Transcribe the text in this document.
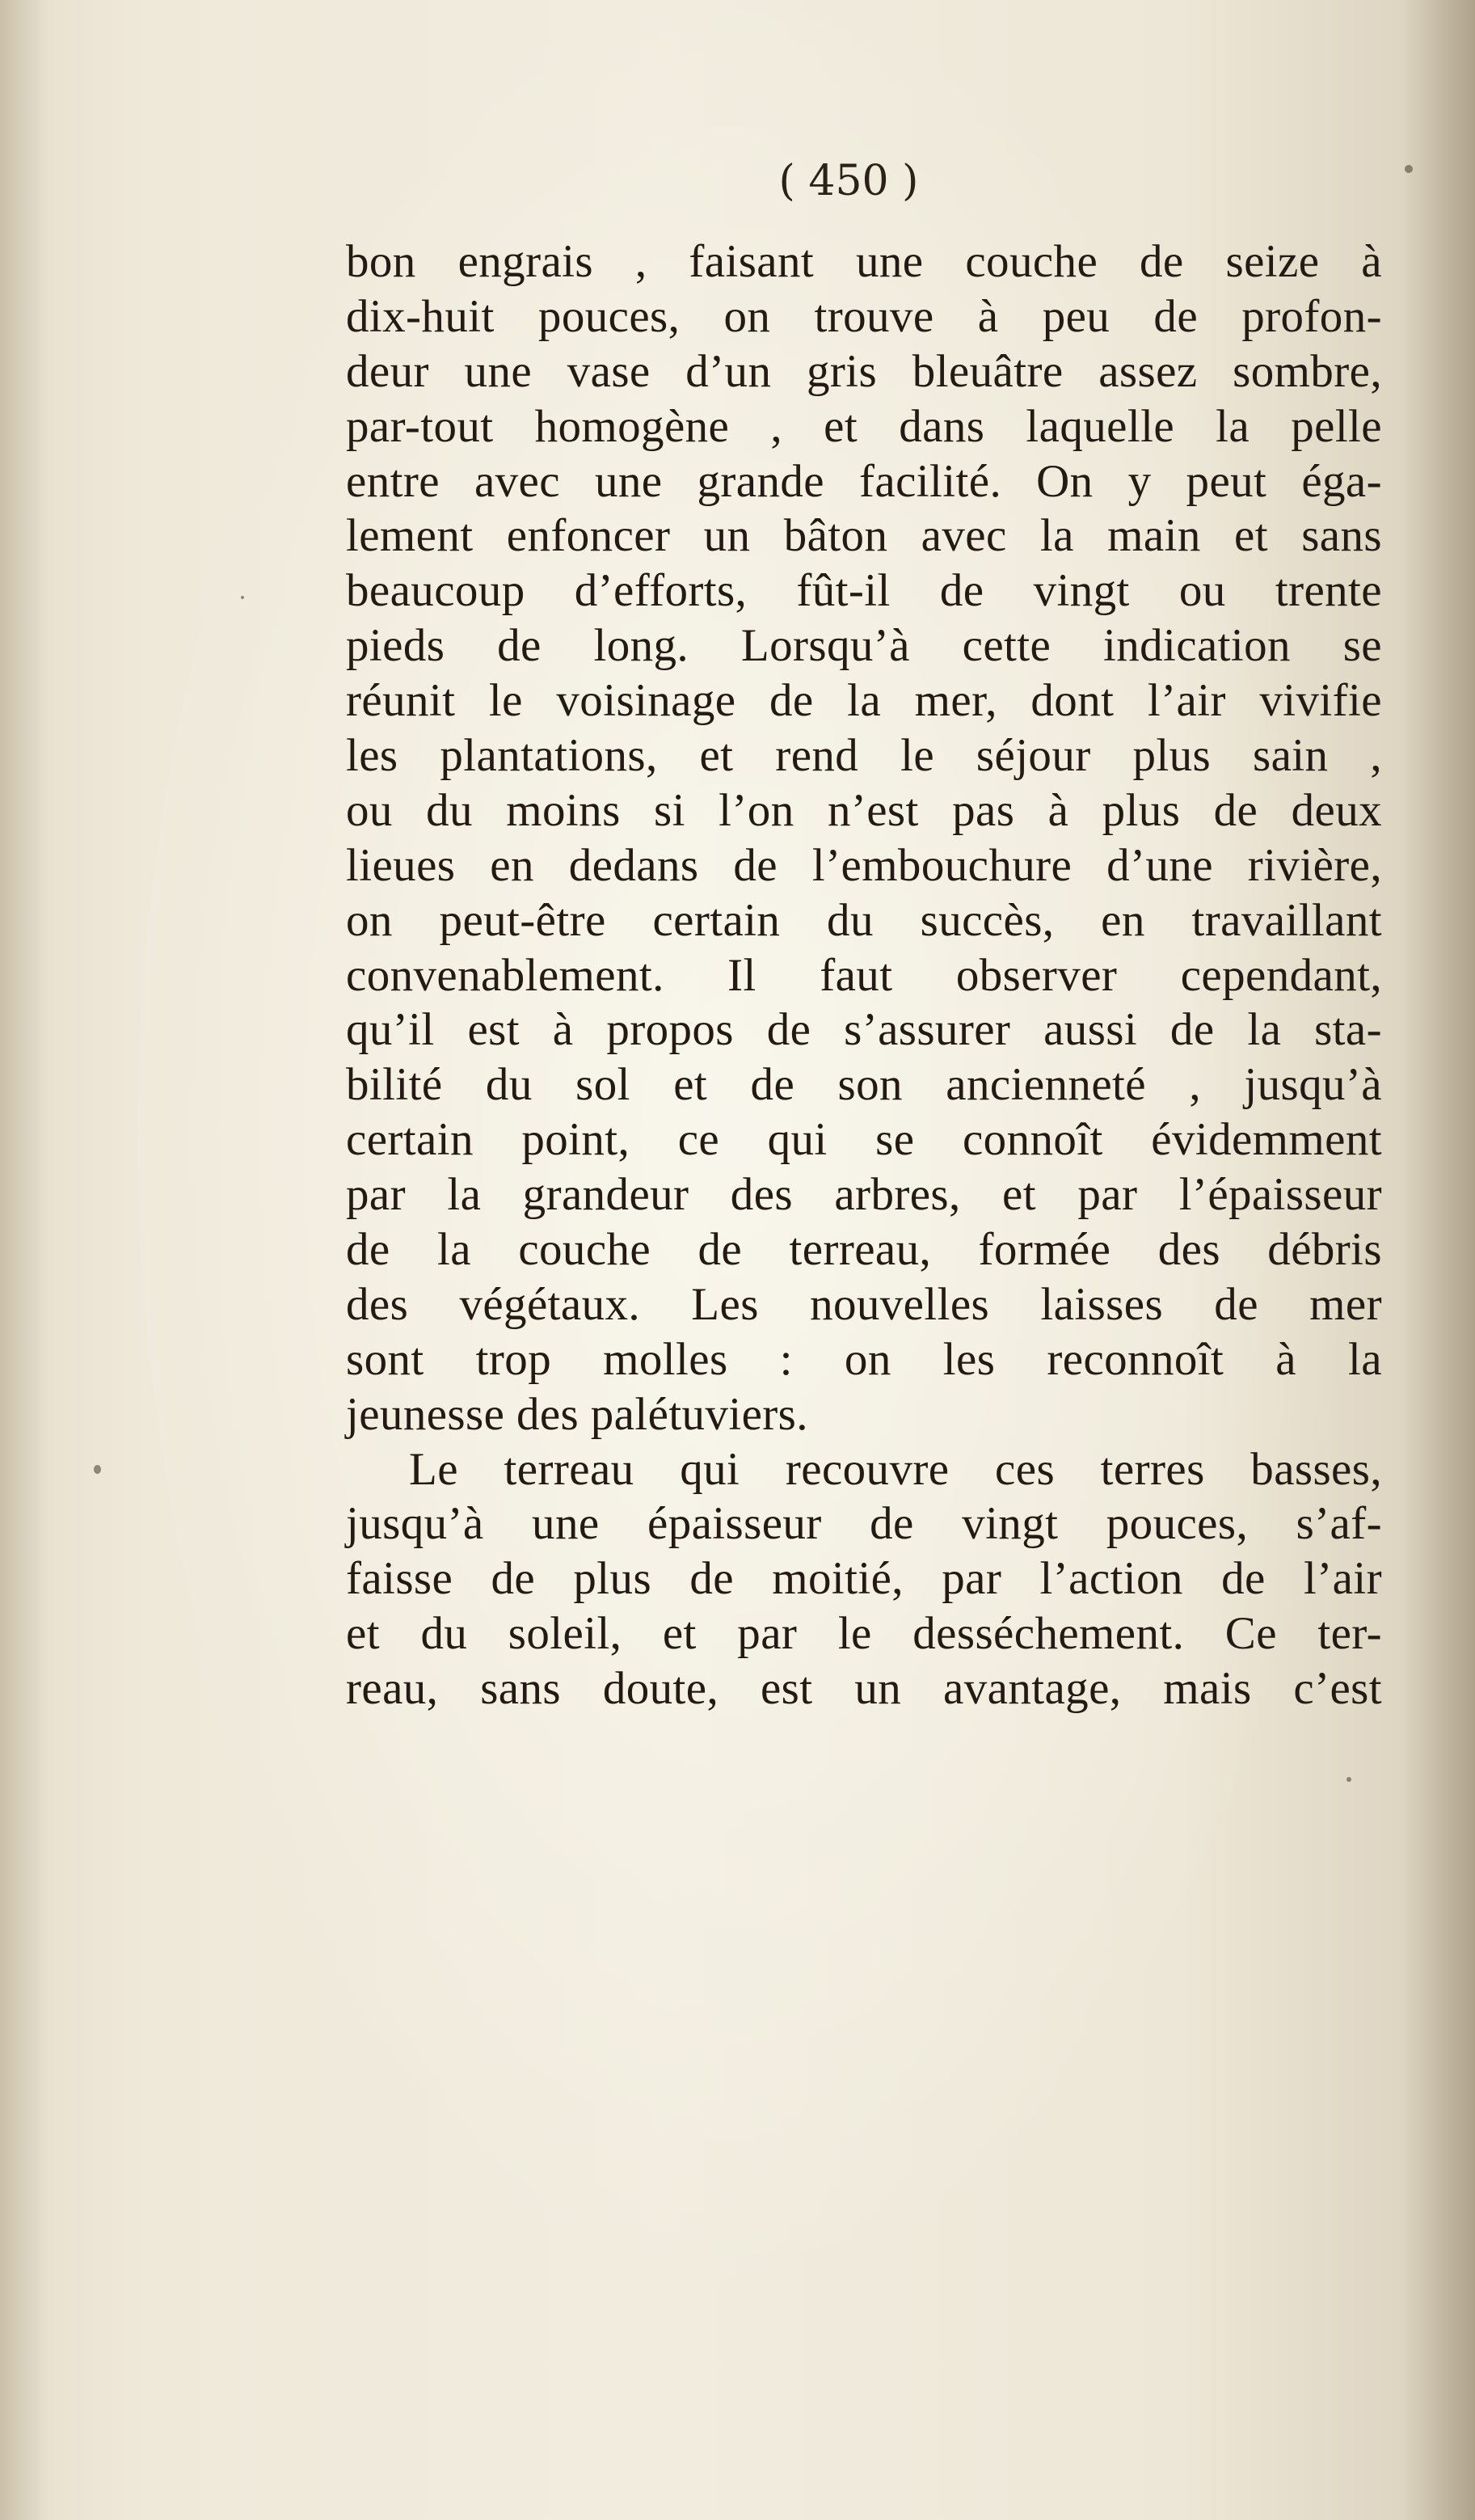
( 450 )
bon engrais , faisant une couche de seize à
dix-huit pouces, on trouve à peu de profon-
deur une vase d’un gris bleuâtre assez sombre,
par-tout homogène , et dans laquelle la pelle
entre avec une grande facilité. On y peut éga-
lement enfoncer un bâton avec la main et sans
beaucoup d’efforts, fût-il de vingt ou trente
pieds de long. Lorsqu’à cette indication se
réunit le voisinage de la mer, dont l’air vivifie
les plantations, et rend le séjour plus sain ,
ou du moins si l’on n’est pas à plus de deux
lieues en dedans de l’embouchure d’une rivière,
on peut-être certain du succès, en travaillant
convenablement. Il faut observer cependant,
qu’il est à propos de s’assurer aussi de la sta-
bilité du sol et de son ancienneté , jusqu’à
certain point, ce qui se connoît évidemment
par la grandeur des arbres, et par l’épaisseur
de la couche de terreau, formée des débris
des végétaux. Les nouvelles laisses de mer
sont trop molles : on les reconnoît à la
jeunesse des palétuviers.
Le terreau qui recouvre ces terres basses,
jusqu’à une épaisseur de vingt pouces, s’af-
faisse de plus de moitié, par l’action de l’air
et du soleil, et par le desséchement. Ce ter-
reau, sans doute, est un avantage, mais c’est
